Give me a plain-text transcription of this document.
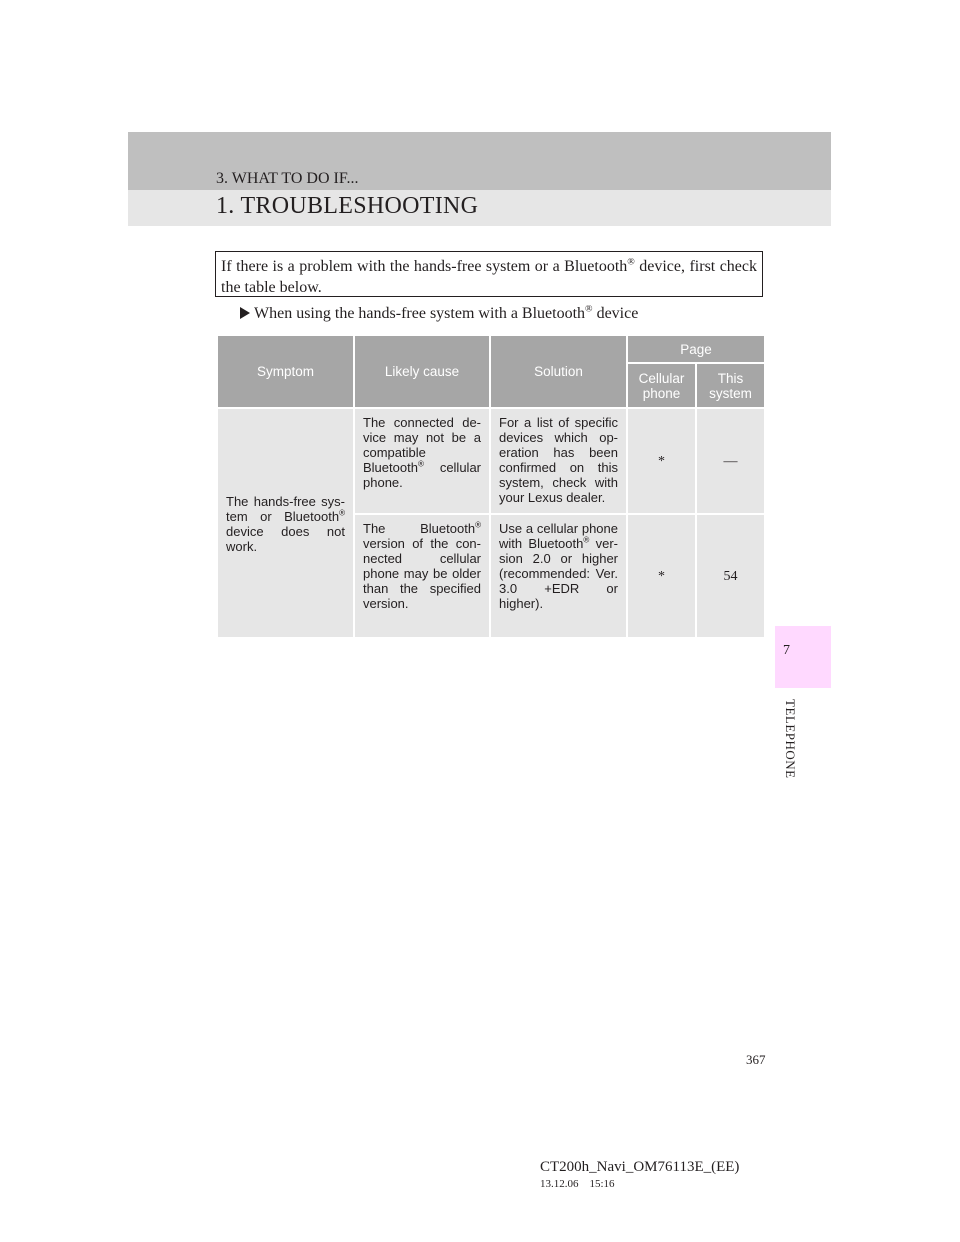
3. WHAT TO DO IF...
1. TROUBLESHOOTING
If there is a problem with the hands-free system or a Bluetooth® device, first check the table below.
When using the hands-free system with a Bluetooth® device
Symptom	Likely cause	Solution	Page	
			Cellular phone	This system
The hands-free sys-tem or Bluetooth® device does not work.	The connected de-vice may not be a compatible Bluetooth® cellular phone.	For a list of specific devices which op-eration has been confirmed on this system, check with your Lexus dealer.	*	—
	The Bluetooth® version of the con-nected cellular phone may be older than the specified version.	Use a cellular phone with Bluetooth® ver-sion 2.0 or higher (recommended: Ver. 3.0 +EDR or higher).	*	54
7
TELEPHONE
367
CT200h_Navi_OM76113E_(EE)
13.12.06    15:16
